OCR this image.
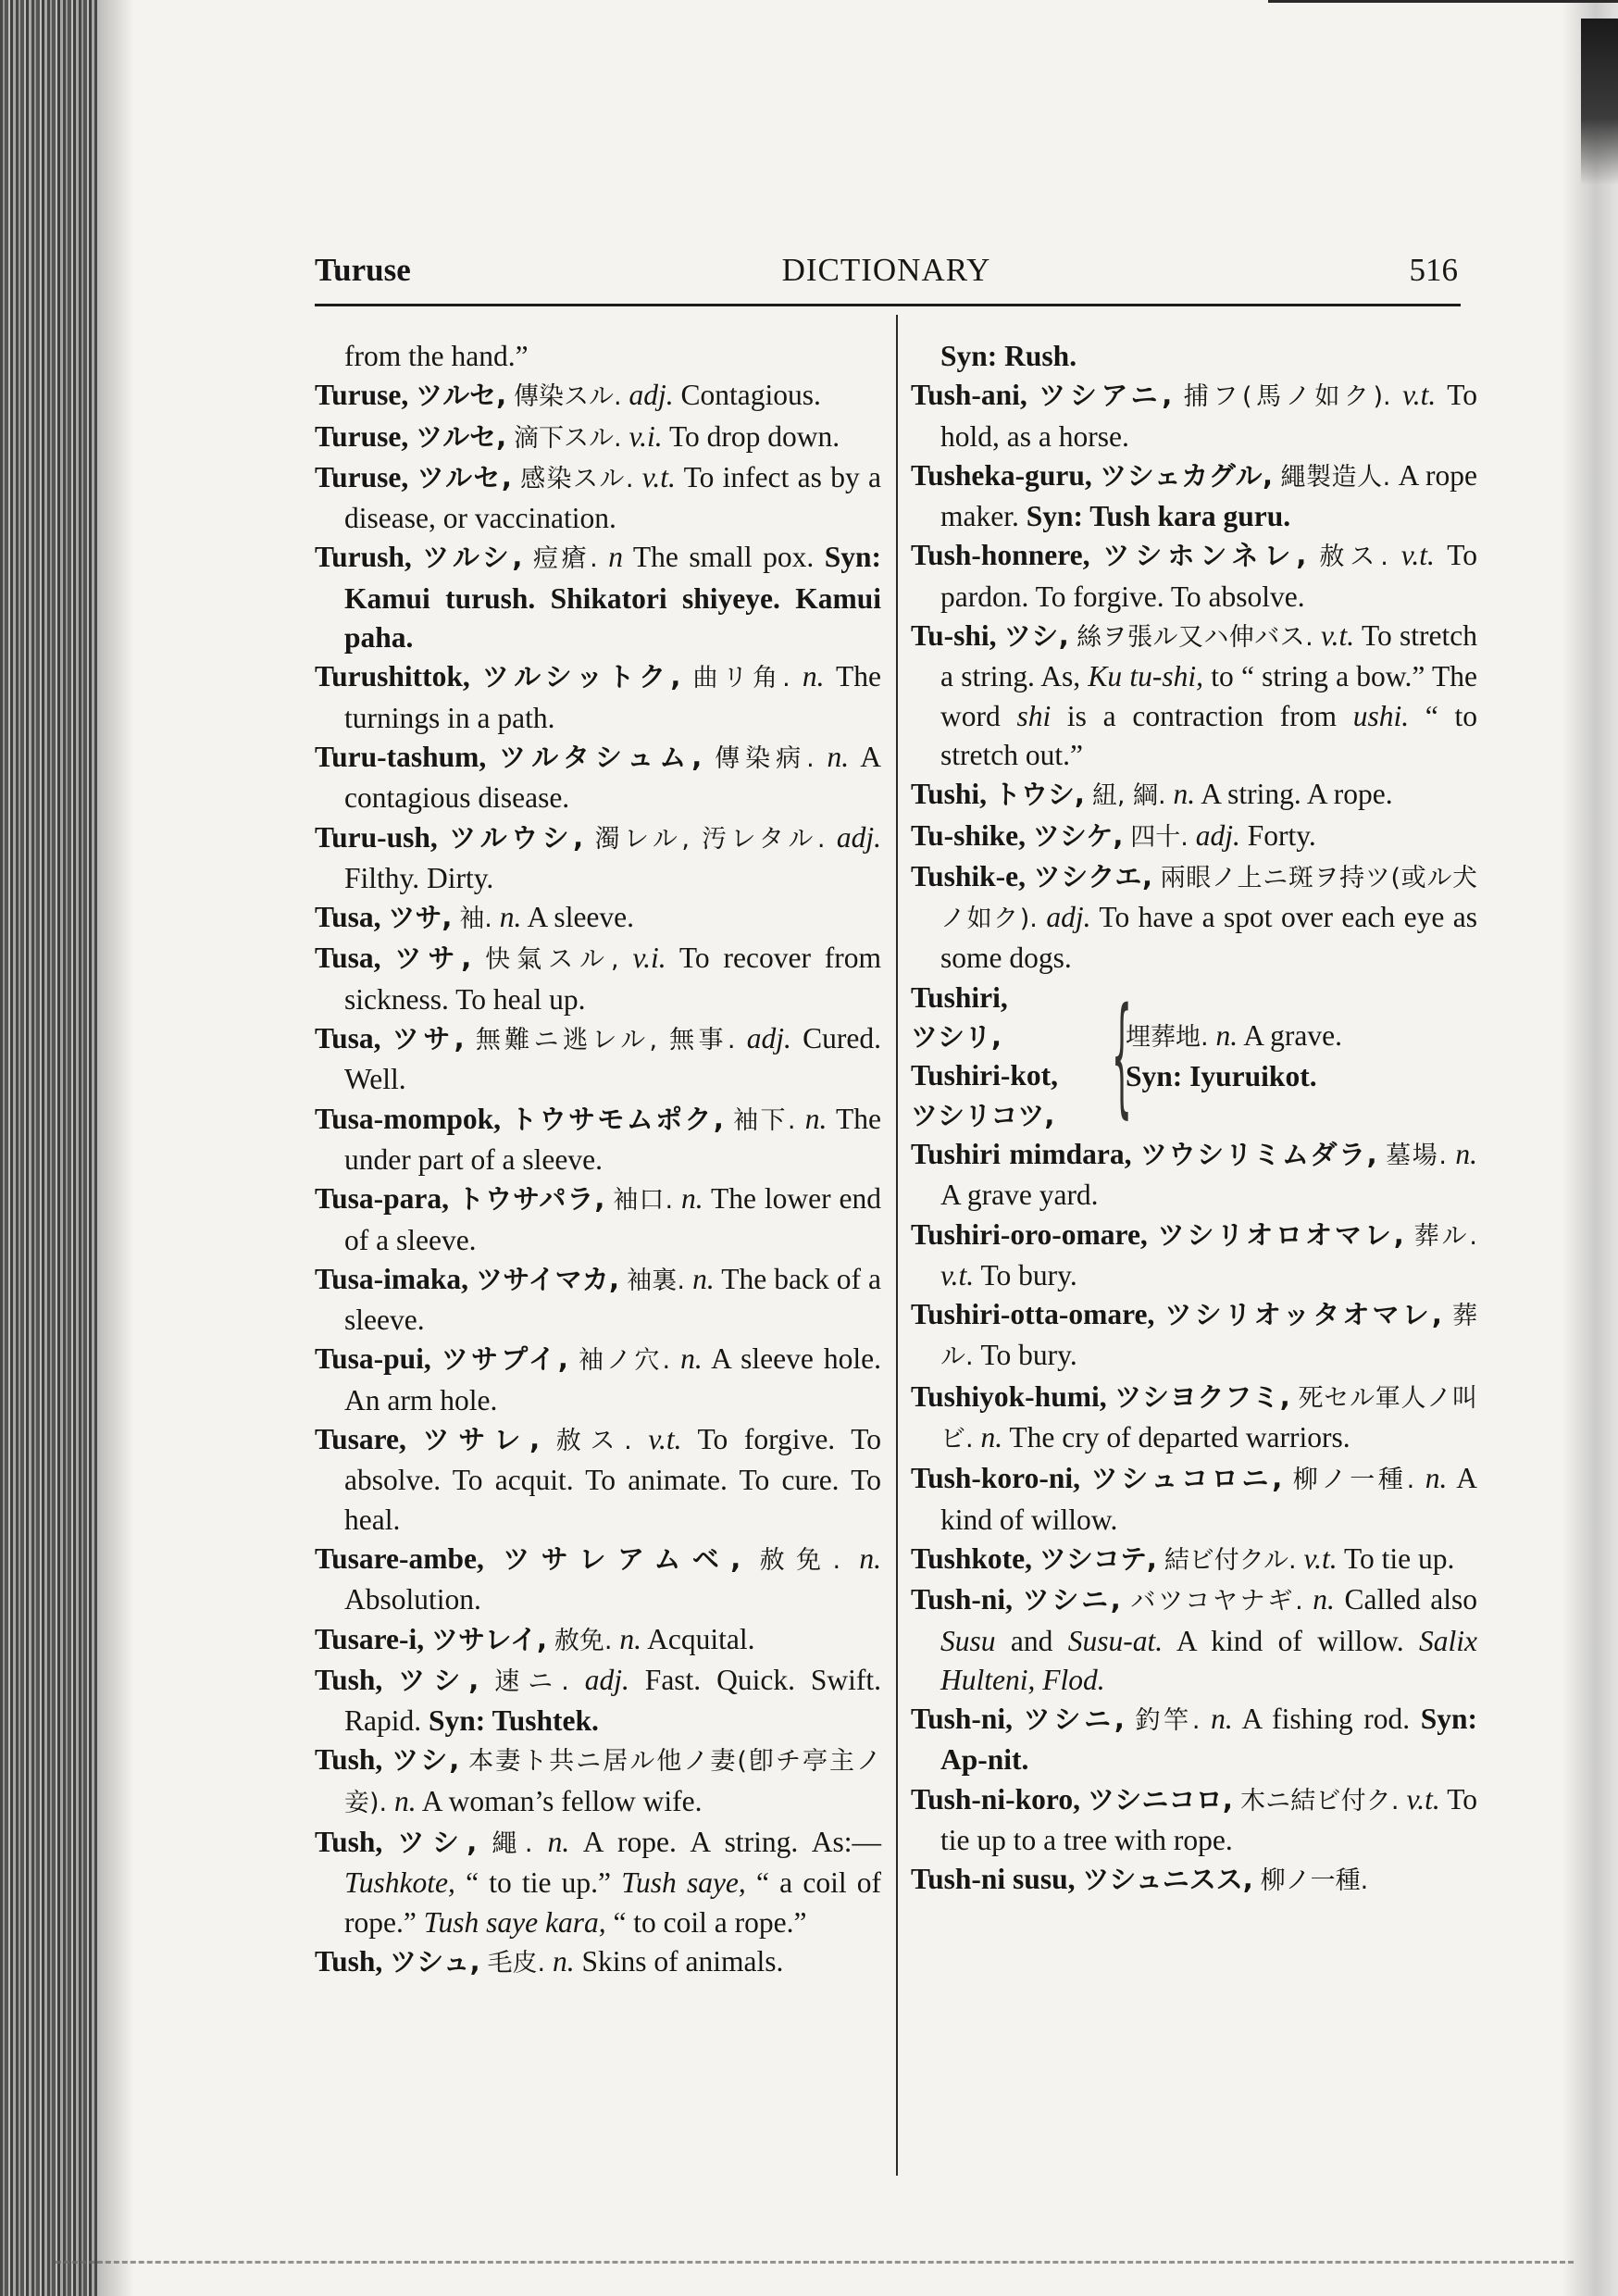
Turuse	DICTIONARY	516

from the hand.”

Turuse, ツルセ, 傳染スル. adj. Contagious.

Turuse, ツルセ, 滴下スル. v.i. To drop down.

Turuse, ツルセ, 感染スル. v.t. To infect as by a disease, or vaccination.

Turush, ツルシ, 痘瘡. n The small pox. Syn: Kamui turush. Shikatori shiyeye. Kamui paha.

Turushittok, ツルシットク, 曲リ角. n. The turnings in a path.

Turu-tashum, ツルタシュム, 傳染病. n. A contagious disease.

Turu-ush, ツルウシ, 濁レル, 汚レタル. adj. Filthy. Dirty.

Tusa, ツサ, 袖. n. A sleeve.

Tusa, ツサ, 快氣スル, v.i. To recover from sickness. To heal up.

Tusa, ツサ, 無難ニ逃レル, 無事. adj. Cured. Well.

Tusa-mompok, トウサモムポク, 袖下. n. The under part of a sleeve.

Tusa-para, トウサパラ, 袖口. n. The lower end of a sleeve.

Tusa-imaka, ツサイマカ, 袖裏. n. The back of a sleeve.

Tusa-pui, ツサプイ, 袖ノ穴. n. A sleeve hole. An arm hole.

Tusare, ツサレ, 赦ス. v.t. To forgive. To absolve. To acquit. To animate. To cure. To heal.

Tusare-ambe, ツサレアムベ, 赦免. n. Absolution.

Tusare-i, ツサレイ, 赦免. n. Acquital.

Tush, ツシ, 速ニ. adj. Fast. Quick. Swift. Rapid. Syn: Tushtek.

Tush, ツシ, 本妻ト共ニ居ル他ノ妻(卽チ亭主ノ妾). n. A woman’s fellow wife.

Tush, ツシ, 繩. n. A rope. A string. As:—Tushkote, “ to tie up.” Tush saye, “ a coil of rope.” Tush saye kara, “ to coil a rope.”

Tush, ツシュ, 毛皮. n. Skins of animals.

Syn: Rush.

Tush-ani, ツシアニ, 捕フ(馬ノ如ク). v.t. To hold, as a horse.

Tusheka-guru, ツシェカグル, 繩製造人. A rope maker. Syn: Tush kara guru.

Tush-honnere, ツシホンネレ, 赦ス. v.t. To pardon. To forgive. To absolve.

Tu-shi, ツシ, 絲ヲ張ル又ハ伸バス. v.t. To stretch a string. As, Ku tu-shi, to “ string a bow.” The word shi is a contraction from ushi. “ to stretch out.”

Tushi, トウシ, 紐, 綱. n. A string. A rope.

Tu-shike, ツシケ, 四十. adj. Forty.

Tushik-e, ツシクエ, 兩眼ノ上ニ斑ヲ持ツ(或ル犬ノ如ク). adj. To have a spot over each eye as some dogs.

Tushiri,
ツシリ,
Tushiri-kot,
ツシリコツ, {
埋葬地. n. A grave.
Syn: Iyuruikot.

Tushiri mimdara, ツウシリミムダラ, 墓場. n. A grave yard.

Tushiri-oro-omare, ツシリオロオマレ, 葬ル. v.t. To bury.

Tushiri-otta-omare, ツシリオッタオマレ, 葬ル. To bury.

Tushiyok-humi, ツシヨクフミ, 死セル軍人ノ叫ビ. n. The cry of departed warriors.

Tush-koro-ni, ツシュコロニ, 柳ノ一種. n. A kind of willow.

Tushkote, ツシコテ, 結ビ付クル. v.t. To tie up.

Tush-ni, ツシニ, バツコヤナギ. n. Called also Susu and Susu-at. A kind of willow. Salix Hulteni, Flod.

Tush-ni, ツシニ, 釣竿. n. A fishing rod. Syn: Ap-nit.

Tush-ni-koro, ツシニコロ, 木ニ結ビ付ク. v.t. To tie up to a tree with rope.

Tush-ni susu, ツシュニスス, 柳ノ一種.
